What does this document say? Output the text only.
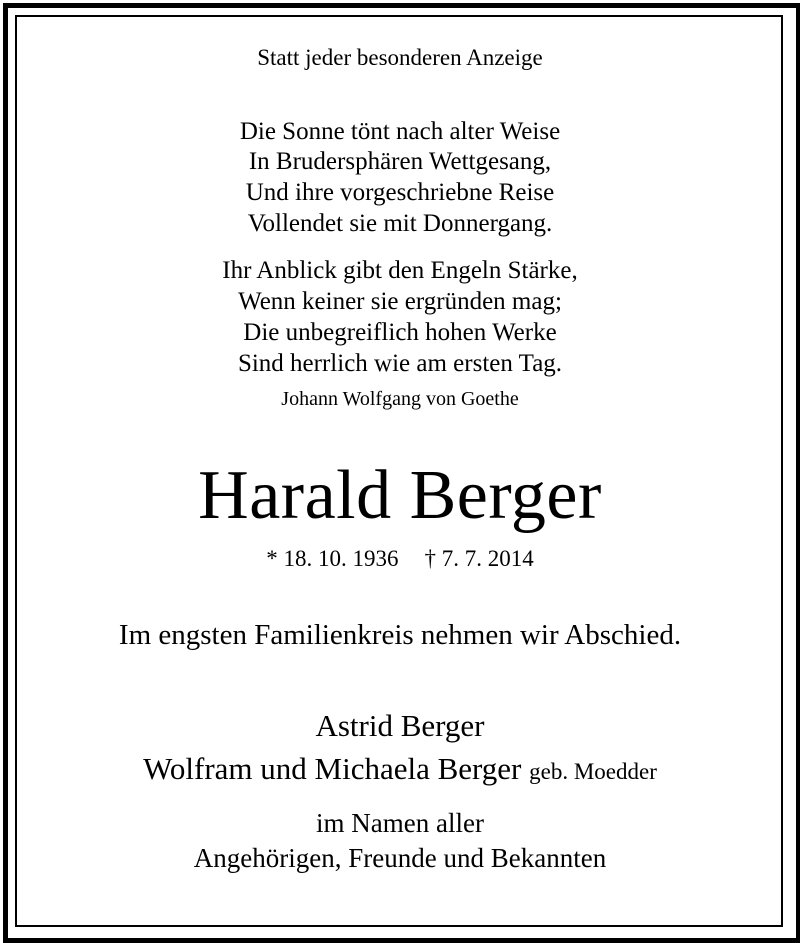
Statt jeder besonderen Anzeige
Die Sonne tönt nach alter Weise
In Brudersphären Wettgesang,
Und ihre vorgeschriebne Reise
Vollendet sie mit Donnergang.
Ihr Anblick gibt den Engeln Stärke,
Wenn keiner sie ergründen mag;
Die unbegreiflich hohen Werke
Sind herrlich wie am ersten Tag.
Johann Wolfgang von Goethe
Harald Berger
* 18. 10. 1936 † 7. 7. 2014
Im engsten Familienkreis nehmen wir Abschied.
Astrid Berger
Wolfram und Michaela Berger geb. Moedder
im Namen aller
Angehörigen, Freunde und Bekannten
